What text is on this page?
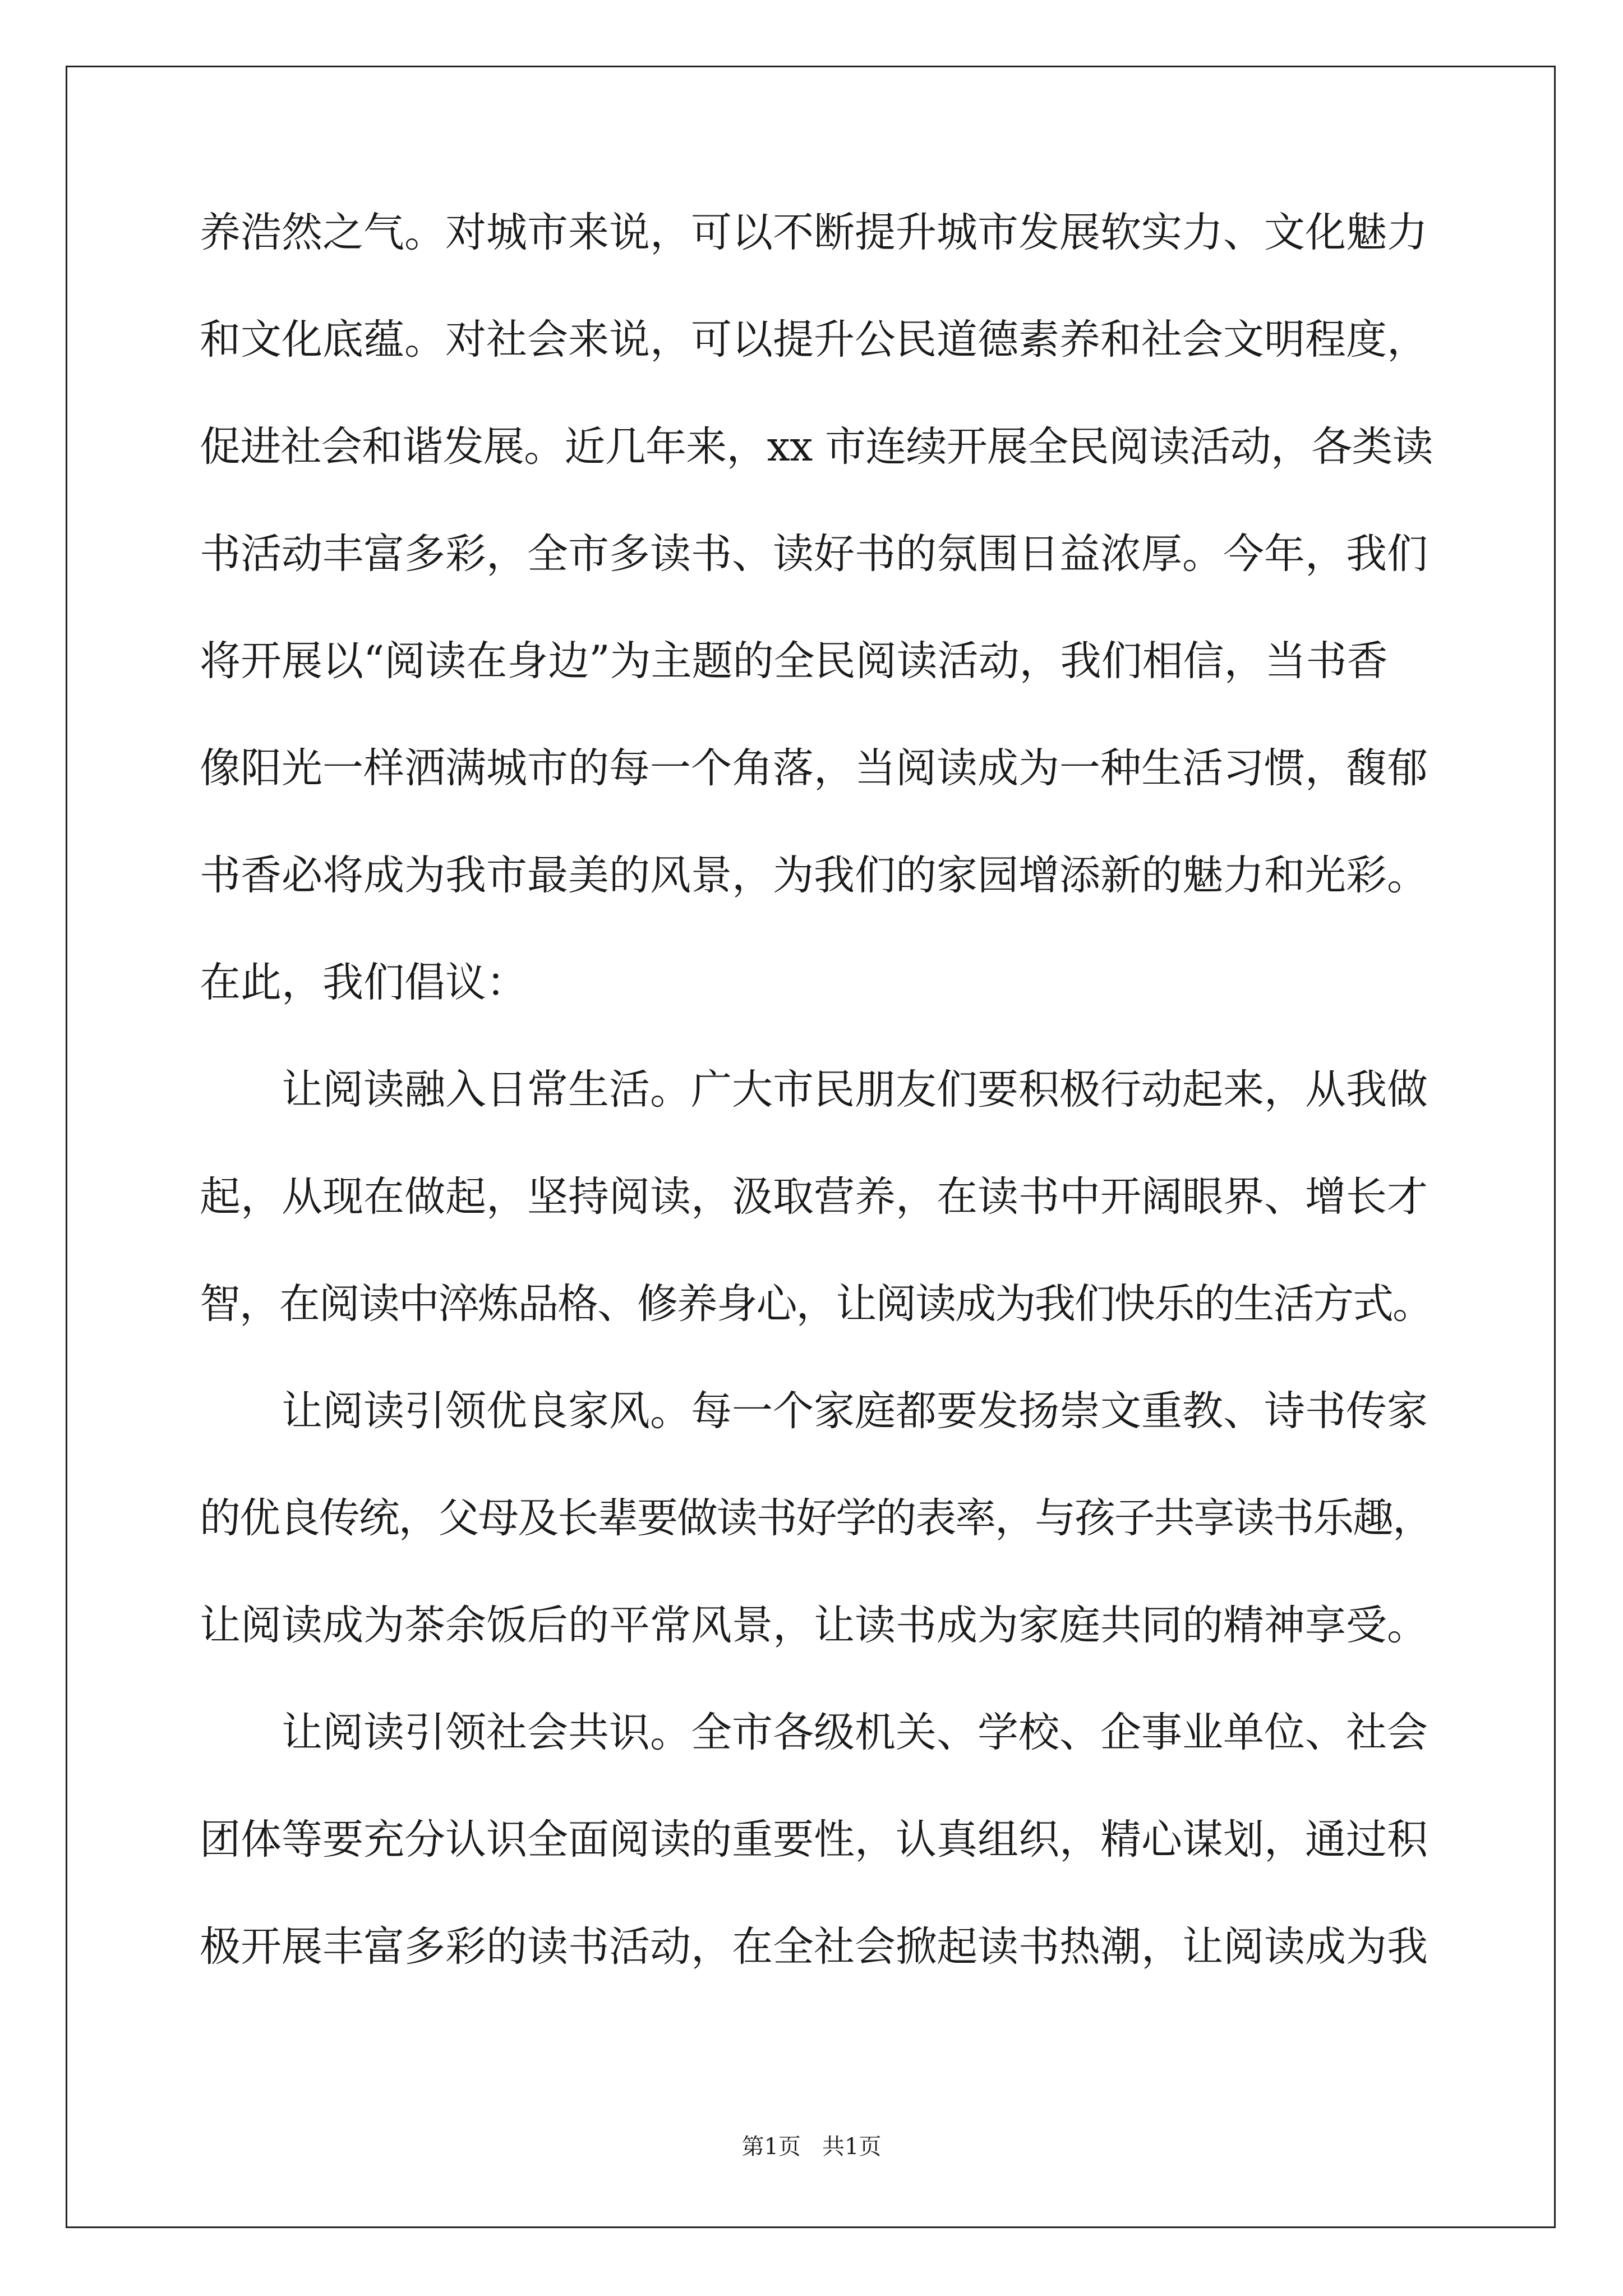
养浩然之气。对城市来说，可以不断提升城市发展软实力、文化魅力
和文化底蕴。对社会来说，可以提升公民道德素养和社会文明程度，
促进社会和谐发展。近几年来，xx 市连续开展全民阅读活动，各类读
书活动丰富多彩，全市多读书、读好书的氛围日益浓厚。今年，我们
将开展以“阅读在身边”为主题的全民阅读活动，我们相信，当书香
像阳光一样洒满城市的每一个角落，当阅读成为一种生活习惯，馥郁
书香必将成为我市最美的风景，为我们的家园增添新的魅力和光彩。
在此，我们倡议：
让阅读融入日常生活。广大市民朋友们要积极行动起来，从我做
起，从现在做起，坚持阅读，汲取营养，在读书中开阔眼界、增长才
智，在阅读中淬炼品格、修养身心，让阅读成为我们快乐的生活方式。
让阅读引领优良家风。每一个家庭都要发扬崇文重教、诗书传家
的优良传统，父母及长辈要做读书好学的表率，与孩子共享读书乐趣，
让阅读成为茶余饭后的平常风景，让读书成为家庭共同的精神享受。
让阅读引领社会共识。全市各级机关、学校、企事业单位、社会
团体等要充分认识全面阅读的重要性，认真组织，精心谋划，通过积
极开展丰富多彩的读书活动，在全社会掀起读书热潮，让阅读成为我
第1页   共1页
